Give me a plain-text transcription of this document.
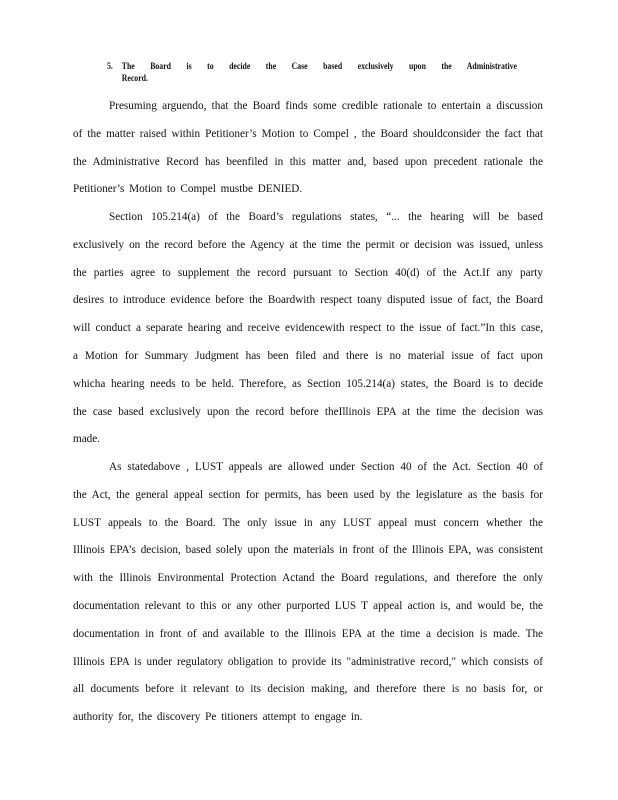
5. The Board is to decide the Case based exclusively upon the Administrative
Record.
Presuming arguendo, that the Board finds some credible rationale to entertain a discussion of the matter raised within Petitioner’s Motion to Compel , the Board shouldconsider the fact that the Administrative Record has beenfiled in this matter and, based upon precedent rationale the Petitioner’s Motion to Compel mustbe DENIED.
Section 105.214(a) of the Board’s regulations states, “... the hearing will be based exclusively on the record before the Agency at the time the permit or decision was issued, unless the parties agree to supplement the record pursuant to Section 40(d) of the Act.If any party desires to introduce evidence before the Boardwith respect toany disputed issue of fact, the Board will conduct a separate hearing and receive evidencewith respect to the issue of fact.”In this case, a Motion for Summary Judgment has been filed and there is no material issue of fact upon whicha hearing needs to be held. Therefore, as Section 105.214(a) states, the Board is to decide the case based exclusively upon the record before theIllinois EPA at the time the decision was made.
As statedabove , LUST appeals are allowed under Section 40 of the Act. Section 40 of the Act, the general appeal section for permits, has been used by the legislature as the basis for LUST appeals to the Board. The only issue in any LUST appeal must concern whether the Illinois EPA’s decision, based solely upon the materials in front of the Illinois EPA, was consistent with the Illinois Environmental Protection Actand the Board regulations, and therefore the only documentation relevant to this or any other purported LUS T appeal action is, and would be, the documentation in front of and available to the Illinois EPA at the time a decision is made. The Illinois EPA is under regulatory obligation to provide its "administrative record," which consists of all documents before it relevant to its decision making, and therefore there is no basis for, or authority for, the discovery Pe titioners attempt to engage in.
